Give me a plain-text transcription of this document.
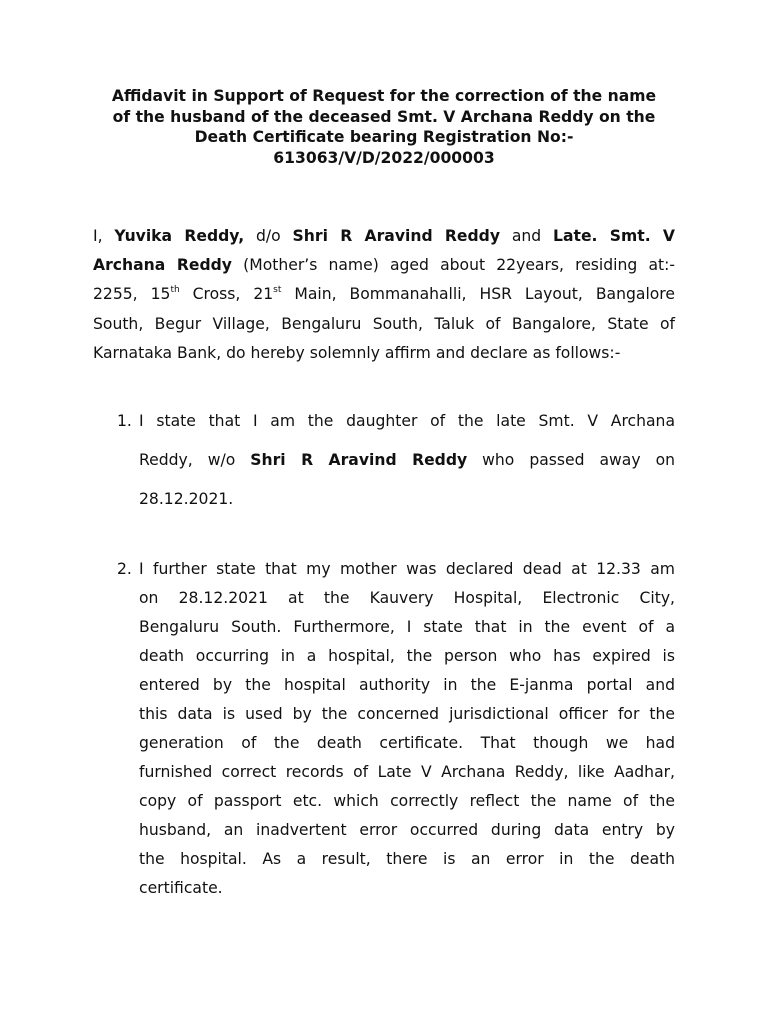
Affidavit in Support of Request for the correction of the name
of the husband of the deceased Smt. V Archana Reddy on the
Death Certificate bearing Registration No:-
613063/V/D/2022/000003
I, Yuvika Reddy, d/o Shri R Aravind Reddy and Late. Smt. V
Archana Reddy (Mother’s name) aged about 22years, residing at:-
2255, 15th Cross, 21st Main, Bommanahalli, HSR Layout, Bangalore
South, Begur Village, Bengaluru South, Taluk of Bangalore, State of
Karnataka Bank, do hereby solemnly affirm and declare as follows:-
1. I state that I am the daughter of the late Smt. V Archana
Reddy, w/o Shri R Aravind Reddy who passed away on
28.12.2021.
2. I further state that my mother was declared dead at 12.33 am
on 28.12.2021 at the Kauvery Hospital, Electronic City,
Bengaluru South. Furthermore, I state that in the event of a
death occurring in a hospital, the person who has expired is
entered by the hospital authority in the E-janma portal and
this data is used by the concerned jurisdictional officer for the
generation of the death certificate. That though we had
furnished correct records of Late V Archana Reddy, like Aadhar,
copy of passport etc. which correctly reflect the name of the
husband, an inadvertent error occurred during data entry by
the hospital. As a result, there is an error in the death
certificate.
